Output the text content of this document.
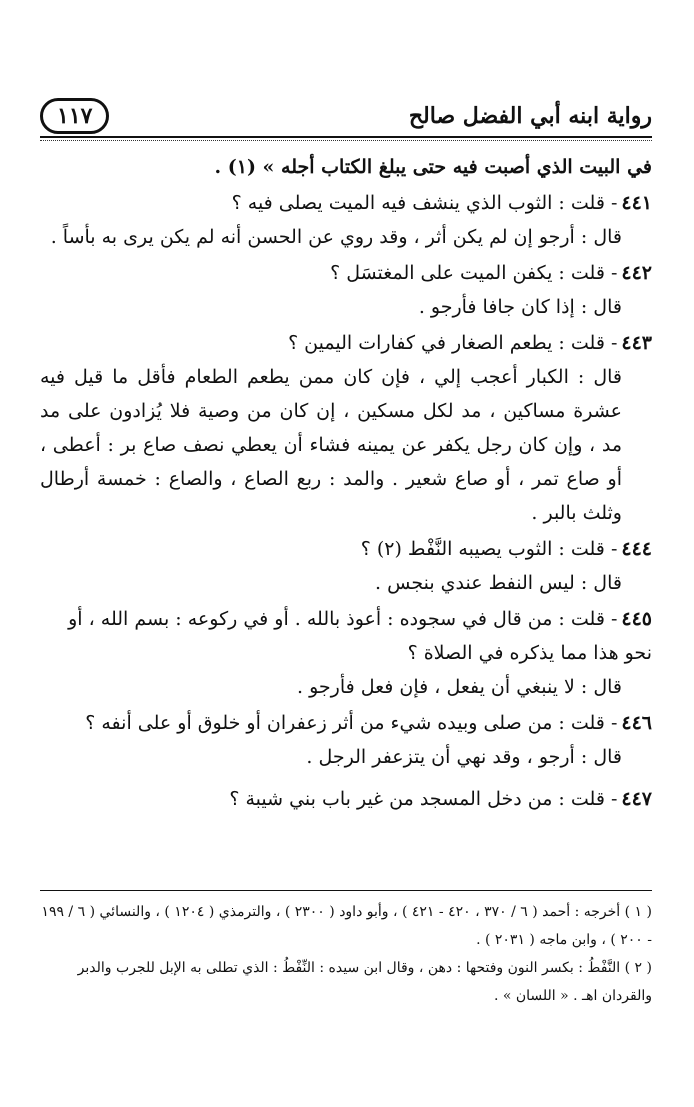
رواية ابنه أبي الفضل صالح
١١٧
في البيت الذي أصبت فيه حتى يبلغ الكتاب أجله » (١) .
٤٤١- قلت : الثوب الذي ينشف فيه الميت يصلى فيه ؟
قال : أرجو إن لم يكن أثر ، وقد روي عن الحسن أنه لم يكن يرى به بأساً .
٤٤٢- قلت : يكفن الميت على المغتسَل ؟
قال : إذا كان جافا فأرجو .
٤٤٣- قلت : يطعم الصغار في كفارات اليمين ؟
قال : الكبار أعجب إلي ، فإن كان ممن يطعم الطعام فأقل ما قيل فيه عشرة مساكين ، مد لكل مسكين ، إن كان من وصية فلا يُزادون على مد مد ، وإن كان رجل يكفر عن يمينه فشاء أن يعطي نصف صاع بر : أعطى ، أو صاع تمر ، أو صاع شعير . والمد : ربع الصاع ، والصاع : خمسة أرطال وثلث بالبر .
٤٤٤- قلت : الثوب يصيبه النَّفْط (٢) ؟
قال : ليس النفط عندي بنجس .
٤٤٥- قلت : من قال في سجوده : أعوذ بالله . أو في ركوعه : بسم الله ، أو نحو هذا مما يذكره في الصلاة ؟
قال : لا ينبغي أن يفعل ، فإن فعل فأرجو .
٤٤٦- قلت : من صلى وبيده شيء من أثر زعفران أو خلوق أو على أنفه ؟
قال : أرجو ، وقد نهي أن يتزعفر الرجل .
٤٤٧- قلت : من دخل المسجد من غير باب بني شيبة ؟
( ١ ) أخرجه : أحمد ( ٦ / ٣٧٠ ، ٤٢٠ - ٤٢١ ) ، وأبو داود ( ٢٣٠٠ ) ، والترمذي ( ١٢٠٤ ) ، والنسائي ( ٦ / ١٩٩ - ٢٠٠ ) ، وابن ماجه ( ٢٠٣١ ) .
( ٢ ) النَّفْطُ : بكسر النون وفتحها : دهن ، وقال ابن سيده : النِّفْطُ : الذي تطلى به الإبل للجرب والدبر والقردان اهـ . « اللسان » .
